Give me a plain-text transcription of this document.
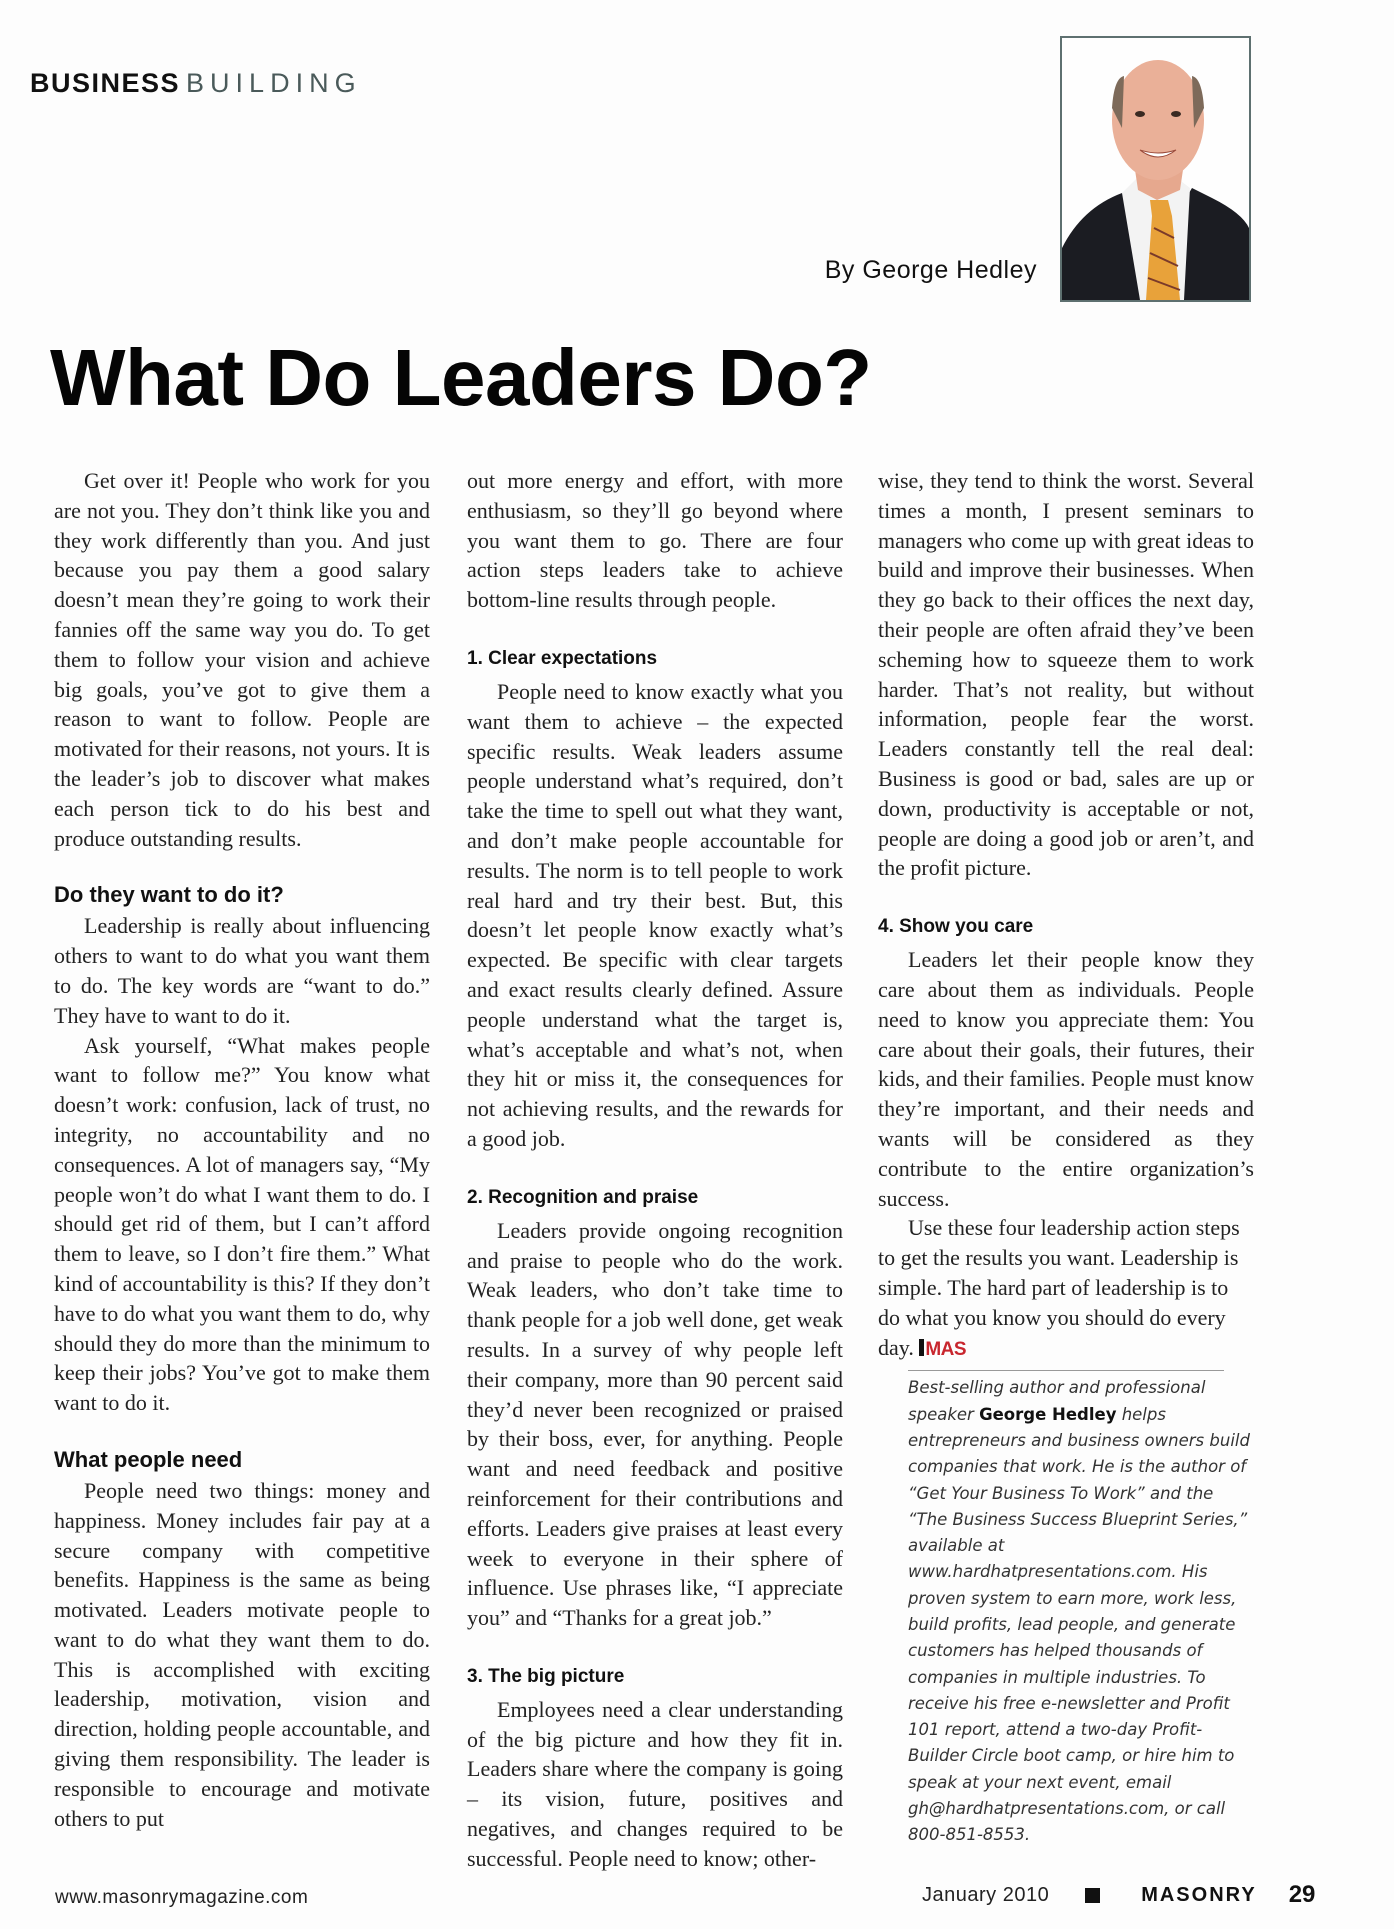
BUSINESS BUILDING
By George Hedley
What Do Leaders Do?

Get over it! People who work for you are not you. They don’t think like you and they work differently than you. And just because you pay them a good salary doesn’t mean they’re going to work their fannies off the same way you do. To get them to follow your vision and achieve big goals, you’ve got to give them a reason to want to follow. People are motivated for their reasons, not yours. It is the leader’s job to discover what makes each person tick to do his best and produce outstanding results.

Do they want to do it?

Leadership is really about influencing others to want to do what you want them to do. The key words are “want to do.” They have to want to do it.

Ask yourself, “What makes people want to follow me?” You know what doesn’t work: confusion, lack of trust, no integrity, no accountability and no consequences. A lot of managers say, “My people won’t do what I want them to do. I should get rid of them, but I can’t afford them to leave, so I don’t fire them.” What kind of accountability is this? If they don’t have to do what you want them to do, why should they do more than the minimum to keep their jobs? You’ve got to make them want to do it.

What people need

People need two things: money and happiness. Money includes fair pay at a secure company with competitive benefits. Happiness is the same as being motivated. Leaders motivate people to want to do what they want them to do. This is accomplished with exciting leadership, motivation, vision and direction, holding people accountable, and giving them responsibility. The leader is responsible to encourage and motivate others to put

out more energy and effort, with more enthusiasm, so they’ll go beyond where you want them to go. There are four action steps leaders take to achieve bottom-line results through people.

1. Clear expectations

People need to know exactly what you want them to achieve – the expected specific results. Weak leaders assume people understand what’s required, don’t take the time to spell out what they want, and don’t make people accountable for results. The norm is to tell people to work real hard and try their best. But, this doesn’t let people know exactly what’s expected. Be specific with clear targets and exact results clearly defined. Assure people understand what the target is, what’s acceptable and what’s not, when they hit or miss it, the consequences for not achieving results, and the rewards for a good job.

2. Recognition and praise

Leaders provide ongoing recognition and praise to people who do the work. Weak leaders, who don’t take time to thank people for a job well done, get weak results. In a survey of why people left their company, more than 90 percent said they’d never been recognized or praised by their boss, ever, for anything. People want and need feedback and positive reinforcement for their contributions and efforts. Leaders give praises at least every week to everyone in their sphere of influence. Use phrases like, “I appreciate you” and “Thanks for a great job.”

3. The big picture

Employees need a clear understanding of the big picture and how they fit in. Leaders share where the company is going – its vision, future, positives and negatives, and changes required to be successful. People need to know; other-

wise, they tend to think the worst. Several times a month, I present seminars to managers who come up with great ideas to build and improve their businesses. When they go back to their offices the next day, their people are often afraid they’ve been scheming how to squeeze them to work harder. That’s not reality, but without information, people fear the worst. Leaders constantly tell the real deal: Business is good or bad, sales are up or down, productivity is acceptable or not, people are doing a good job or aren’t, and the profit picture.

4. Show you care

Leaders let their people know they care about them as individuals. People need to know you appreciate them: You care about their goals, their futures, their kids, and their families. People must know they’re important, and their needs and wants will be considered as they contribute to the entire organization’s success.

Use these four leadership action steps to get the results you want. Leadership is simple. The hard part of leadership is to do what you know you should do every day. MAS

Best-selling author and professional speaker George Hedley helps entrepreneurs and business owners build companies that work. He is the author of “Get Your Business To Work” and the “The Business Success Blueprint Series,” available at www.hardhatpresentations.com. His proven system to earn more, work less, build profits, lead people, and generate customers has helped thousands of companies in multiple industries. To receive his free e-newsletter and Profit 101 report, attend a two-day Profit-Builder Circle boot camp, or hire him to speak at your next event, email gh@hardhatpresentations.com, or call 800-851-8553.
www.masonrymagazine.com	January 2010	MASONRY 29
